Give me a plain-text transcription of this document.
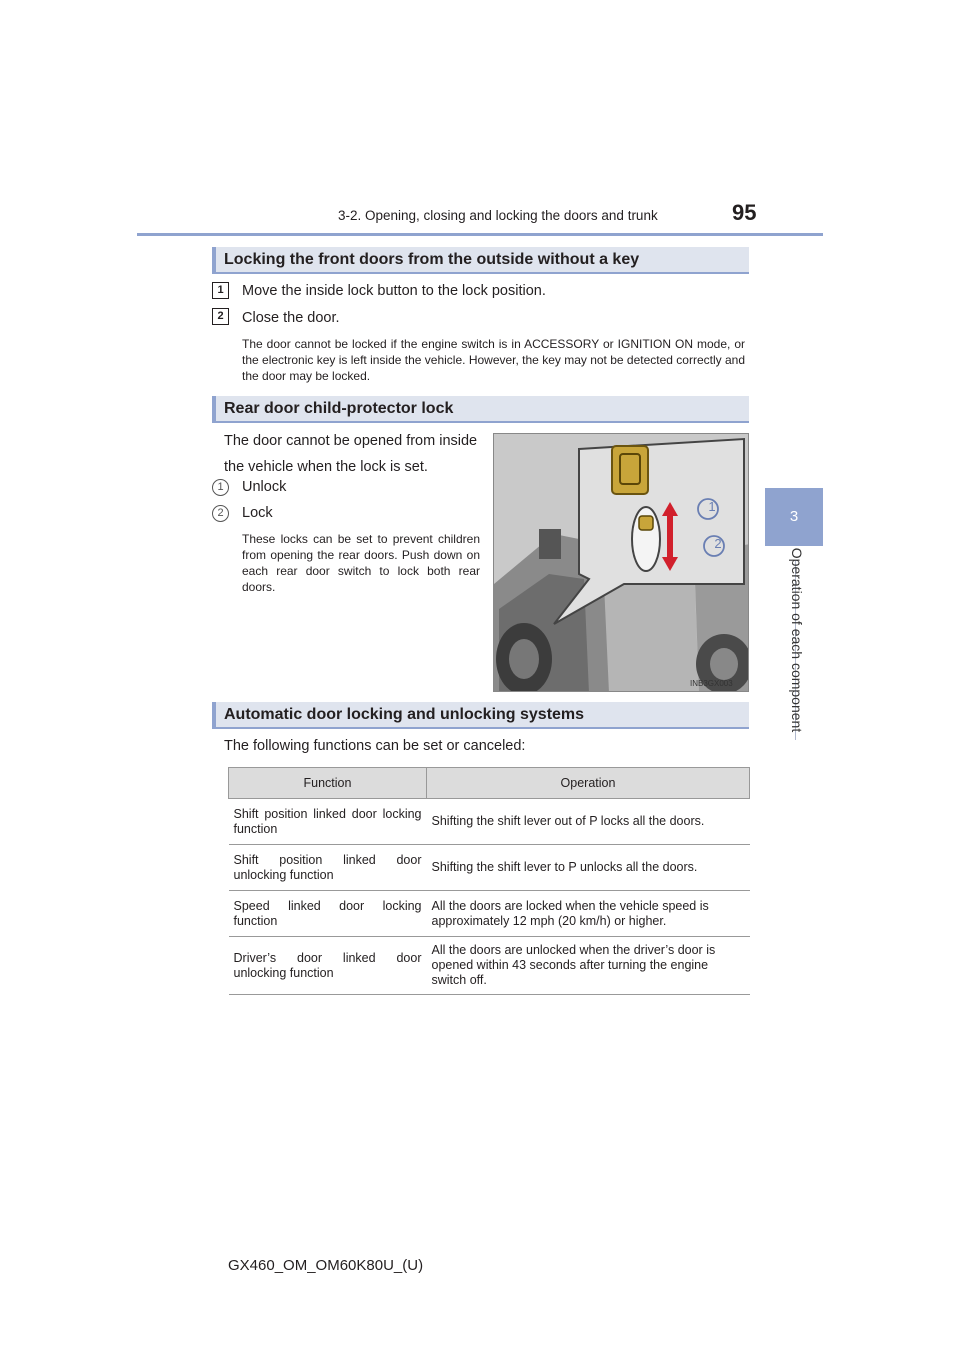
3-2. Opening, closing and locking the doors and trunk	95
3
Operation of each component
Locking the front doors from the outside without a key
1	Move the inside lock button to the lock position.
2	Close the door.
The door cannot be locked if the engine switch is in ACCESSORY or IGNITION ON mode, or the electronic key is left inside the vehicle. However, the key may not be detected correctly and the door may be locked.
Rear door child-protector lock
The door cannot be opened from inside the vehicle when the lock is set.
1	Unlock
2	Lock
These locks can be set to prevent children from opening the rear doors. Push down on each rear door switch to lock both rear doors.
1
2
INB3GX003
Automatic door locking and unlocking systems
The following functions can be set or canceled:
Function	Operation
Shift position linked door locking function	Shifting the shift lever out of P locks all the doors.
Shift position linked door unlocking function	Shifting the shift lever to P unlocks all the doors.
Speed linked door locking function	All the doors are locked when the vehicle speed is approximately 12 mph (20 km/h) or higher.
Driver’s door linked door unlocking function	All the doors are unlocked when the driver’s door is opened within 43 seconds after turning the engine switch off.
GX460_OM_OM60K80U_(U)
